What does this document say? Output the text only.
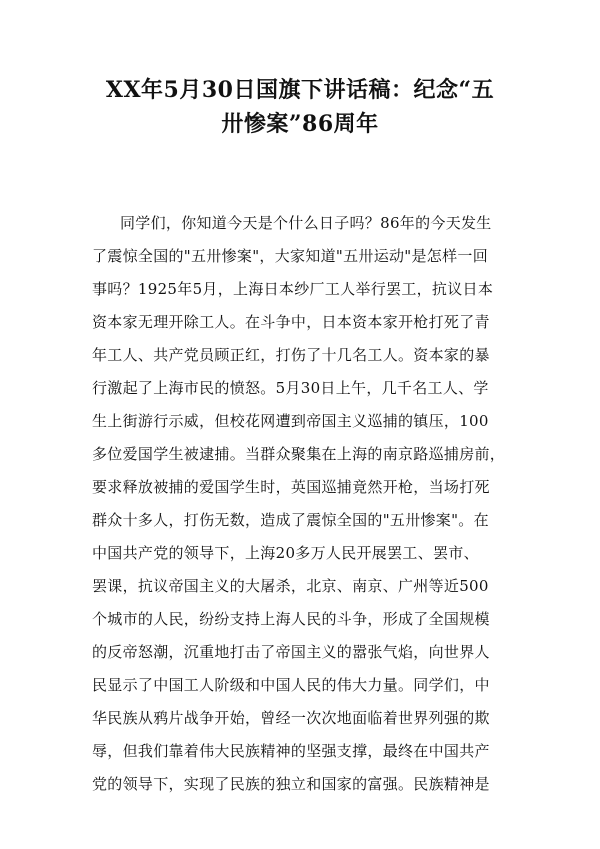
XX年5月30日国旗下讲话稿：纪念“五
卅惨案”86周年
同学们，你知道今天是个什么日子吗？86年的今天发生
了震惊全国的"五卅惨案"，大家知道"五卅运动"是怎样一回
事吗？1925年5月，上海日本纱厂工人举行罢工，抗议日本
资本家无理开除工人。在斗争中，日本资本家开枪打死了青
年工人、共产党员顾正红，打伤了十几名工人。资本家的暴
行激起了上海市民的愤怒。5月30日上午，几千名工人、学
生上街游行示威，但校花网遭到帝国主义巡捕的镇压，100
多位爱国学生被逮捕。当群众聚集在上海的南京路巡捕房前，
要求释放被捕的爱国学生时，英国巡捕竟然开枪，当场打死
群众十多人，打伤无数，造成了震惊全国的"五卅惨案"。在
中国共产党的领导下，上海20多万人民开展罢工、罢市、
罢课，抗议帝国主义的大屠杀，北京、南京、广州等近500
个城市的人民，纷纷支持上海人民的斗争，形成了全国规模
的反帝怒潮，沉重地打击了帝国主义的嚣张气焰，向世界人
民显示了中国工人阶级和中国人民的伟大力量。同学们，中
华民族从鸦片战争开始，曾经一次次地面临着世界列强的欺
辱，但我们靠着伟大民族精神的坚强支撑，最终在中国共产
党的领导下，实现了民族的独立和国家的富强。民族精神是
